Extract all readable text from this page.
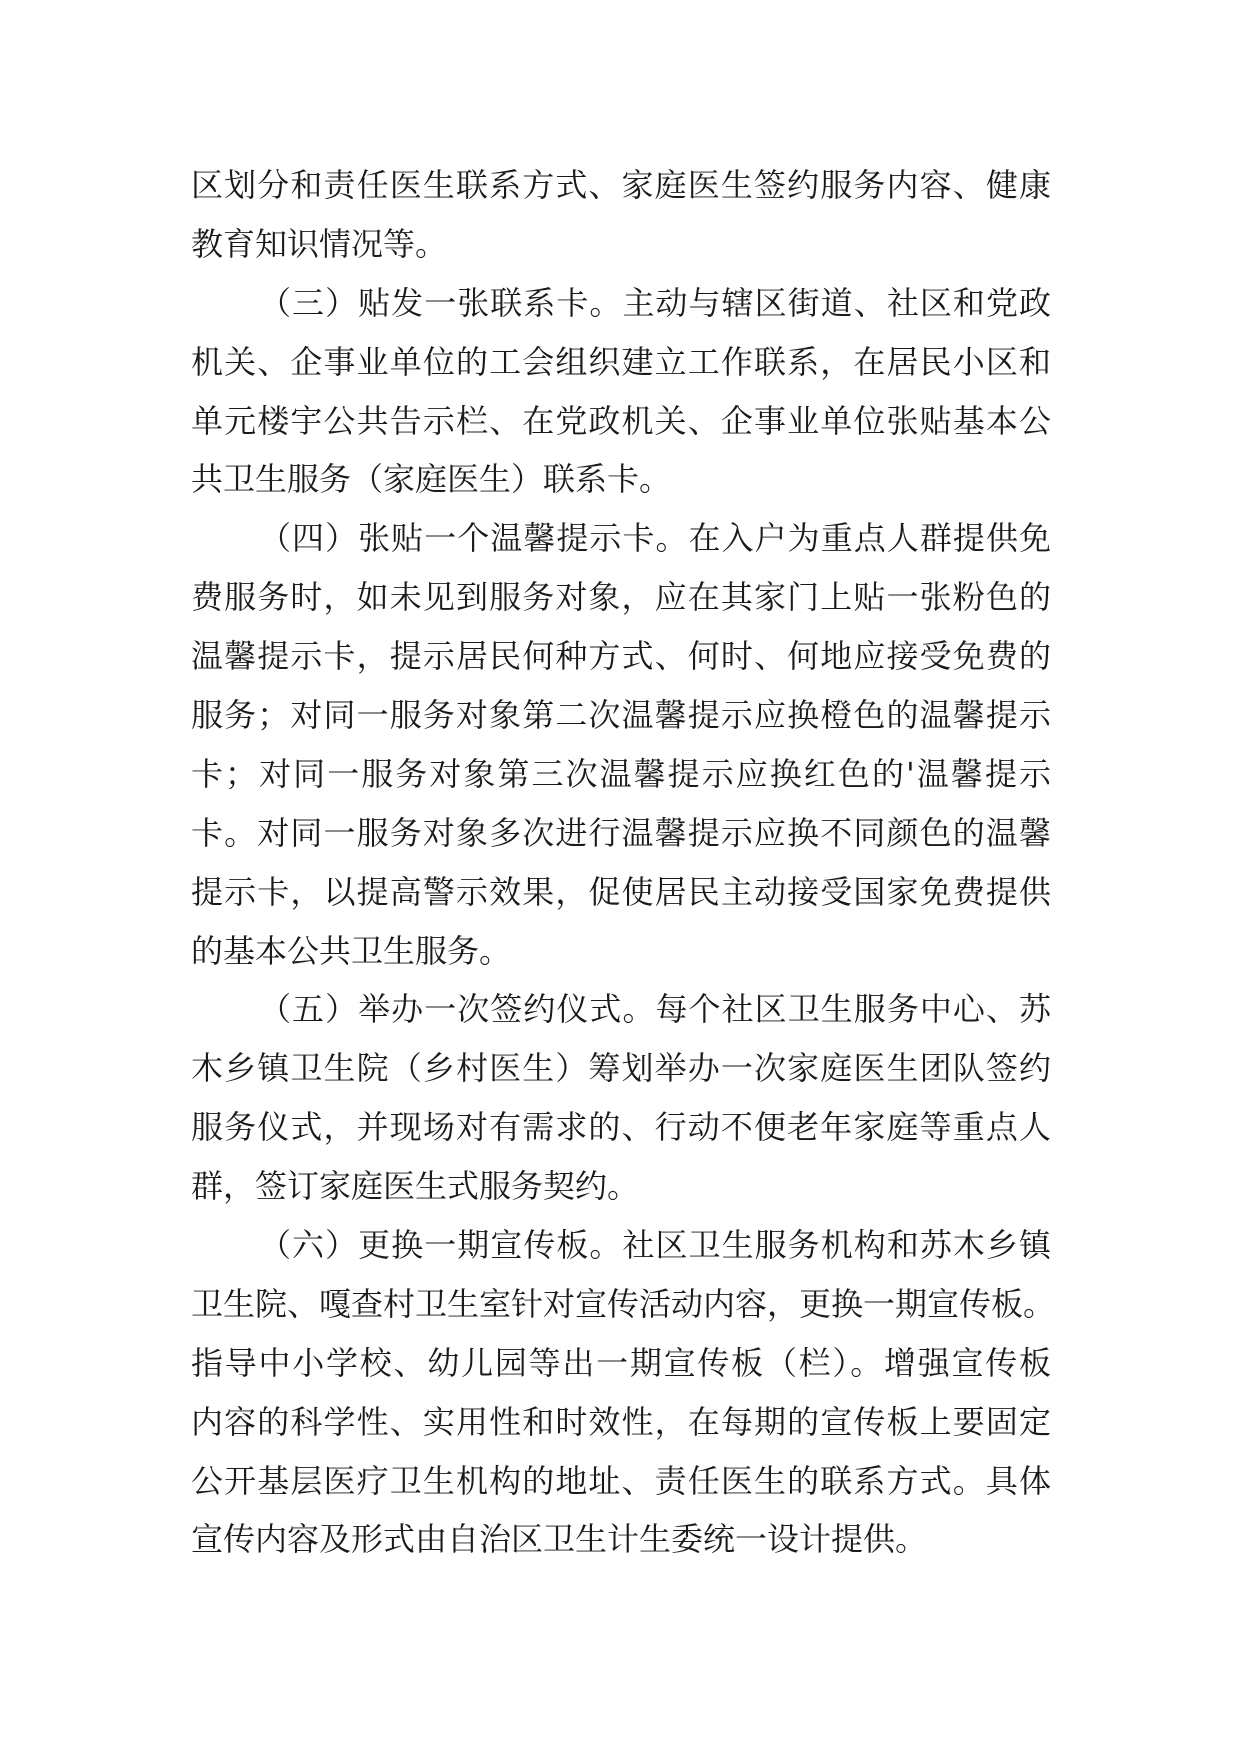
区划分和责任医生联系方式、家庭医生签约服务内容、健康
教育知识情况等。
（三）贴发一张联系卡。主动与辖区街道、社区和党政
机关、企事业单位的工会组织建立工作联系，在居民小区和
单元楼宇公共告示栏、在党政机关、企事业单位张贴基本公
共卫生服务（家庭医生）联系卡。
（四）张贴一个温馨提示卡。在入户为重点人群提供免
费服务时，如未见到服务对象，应在其家门上贴一张粉色的
温馨提示卡，提示居民何种方式、何时、何地应接受免费的
服务；对同一服务对象第二次温馨提示应换橙色的温馨提示
卡；对同一服务对象第三次温馨提示应换红色的'温馨提示
卡。对同一服务对象多次进行温馨提示应换不同颜色的温馨
提示卡，以提高警示效果，促使居民主动接受国家免费提供
的基本公共卫生服务。
（五）举办一次签约仪式。每个社区卫生服务中心、苏
木乡镇卫生院（乡村医生）筹划举办一次家庭医生团队签约
服务仪式，并现场对有需求的、行动不便老年家庭等重点人
群，签订家庭医生式服务契约。
（六）更换一期宣传板。社区卫生服务机构和苏木乡镇
卫生院、嘎查村卫生室针对宣传活动内容，更换一期宣传板。
指导中小学校、幼儿园等出一期宣传板（栏）。增强宣传板
内容的科学性、实用性和时效性，在每期的宣传板上要固定
公开基层医疗卫生机构的地址、责任医生的联系方式。具体
宣传内容及形式由自治区卫生计生委统一设计提供。
